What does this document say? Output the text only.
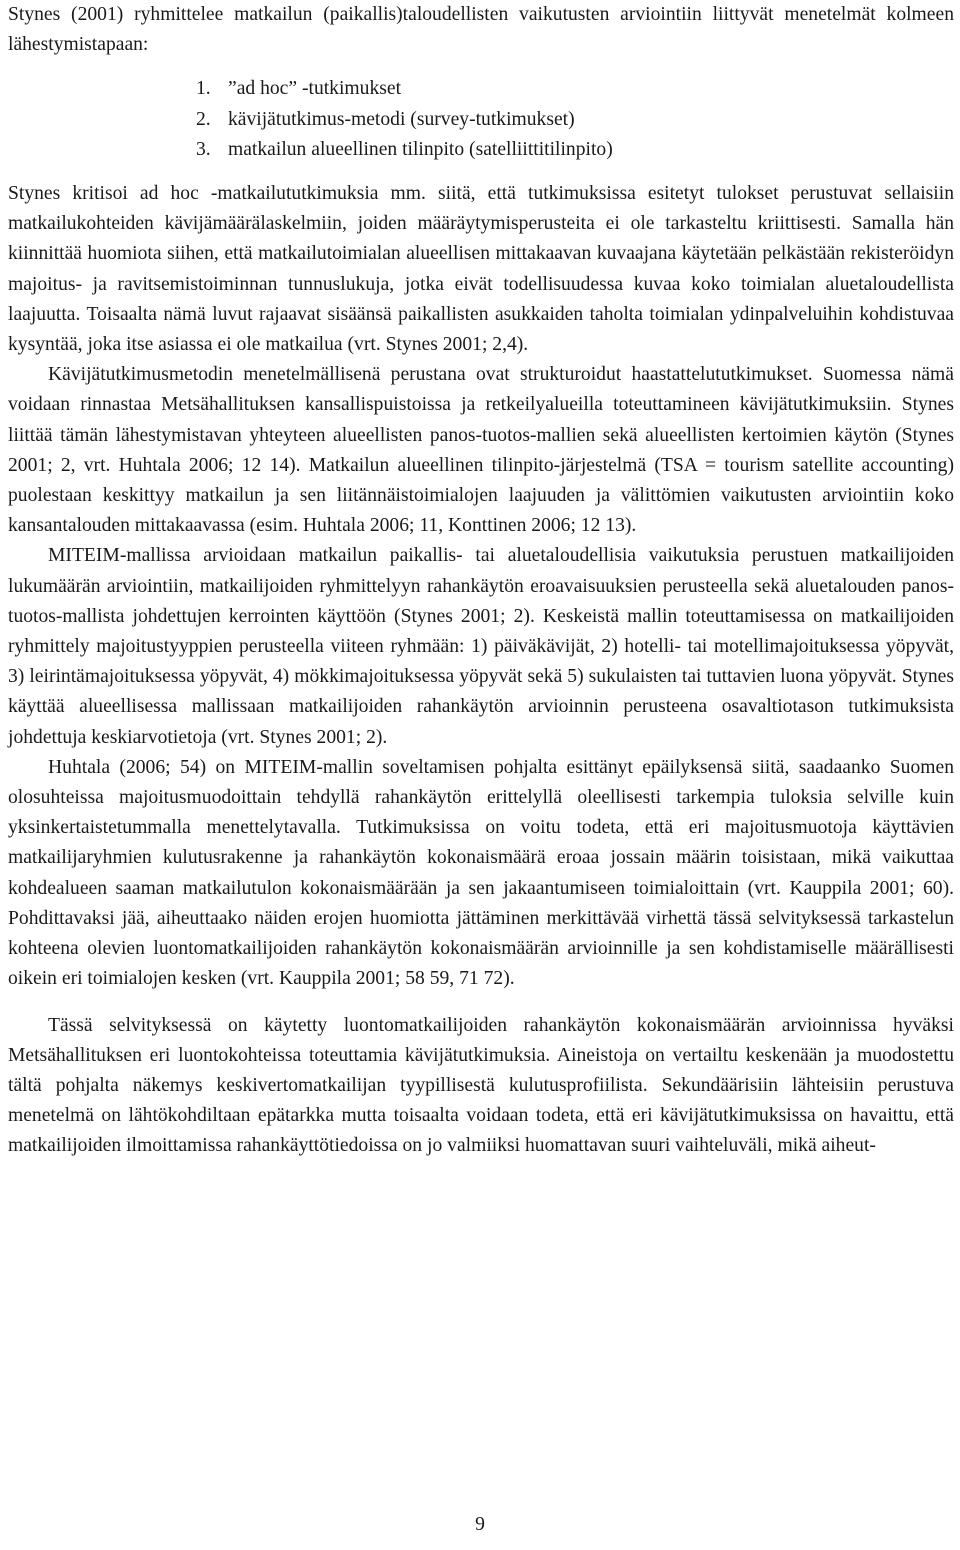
Stynes (2001) ryhmittelee matkailun (paikallis)taloudellisten vaikutusten arviointiin liittyvät menetelmät kolmeen lähestymistapaan:

1. ”ad hoc” -tutkimukset
2. kävijätutkimus-metodi (survey-tutkimukset)
3. matkailun alueellinen tilinpito (satelliittitilinpito)

Stynes kritisoi ad hoc -matkailututkimuksia mm. siitä, että tutkimuksissa esitetyt tulokset perustuvat sellaisiin matkailukohteiden kävijämäärälaskelmiin, joiden määräytymisperusteita ei ole tarkasteltu kriittisesti. Samalla hän kiinnittää huomiota siihen, että matkailutoimialan alueellisen mittakaavan kuvaajana käytetään pelkästään rekisteröidyn majoitus- ja ravitsemistoiminnan tunnuslukuja, jotka eivät todellisuudessa kuvaa koko toimialan aluetaloudellista laajuutta. Toisaalta nämä luvut rajaavat sisäänsä paikallisten asukkaiden taholta toimialan ydinpalveluihin kohdistuvaa kysyntää, joka itse asiassa ei ole matkailua (vrt. Stynes 2001; 2,4).

Kävijätutkimusmetodin menetelmällisenä perustana ovat strukturoidut haastattelututkimukset. Suomessa nämä voidaan rinnastaa Metsähallituksen kansallispuistoissa ja retkeilyalueilla toteuttamineen kävijätutkimuksiin. Stynes liittää tämän lähestymistavan yhteyteen alueellisten panos-tuotos-mallien sekä alueellisten kertoimien käytön (Stynes 2001; 2, vrt. Huhtala 2006; 12 14). Matkailun alueellinen tilinpito-järjestelmä (TSA = tourism satellite accounting) puolestaan keskittyy matkailun ja sen liitännäistoimialojen laajuuden ja välittömien vaikutusten arviointiin koko kansantalouden mittakaavassa (esim. Huhtala 2006; 11, Konttinen 2006; 12 13).

MITEIM-mallissa arvioidaan matkailun paikallis- tai aluetaloudellisia vaikutuksia perustuen matkailijoiden lukumäärän arviointiin, matkailijoiden ryhmittelyyn rahankäytön eroavaisuuksien perusteella sekä aluetalouden panos-tuotos-mallista johdettujen kerrointen käyttöön (Stynes 2001; 2). Keskeistä mallin toteuttamisessa on matkailijoiden ryhmittely majoitustyyppien perusteella viiteen ryhmään: 1) päiväkävijät, 2) hotelli- tai motellimajoituksessa yöpyvät, 3) leirintämajoituksessa yöpyvät, 4) mökkimajoituksessa yöpyvät sekä 5) sukulaisten tai tuttavien luona yöpyvät. Stynes käyttää alueellisessa mallissaan matkailijoiden rahankäytön arvioinnin perusteena osavaltiotason tutkimuksista johdettuja keskiarvotietoja (vrt. Stynes 2001; 2).

Huhtala (2006; 54) on MITEIM-mallin soveltamisen pohjalta esittänyt epäilyksensä siitä, saadaanko Suomen olosuhteissa majoitusmuodoittain tehdyllä rahankäytön erittelyllä oleellisesti tarkempia tuloksia selville kuin yksinkertaistetummalla menettelytavalla. Tutkimuksissa on voitu todeta, että eri majoitusmuotoja käyttävien matkailijaryhmien kulutusrakenne ja rahankäytön kokonaismäärä eroaa jossain määrin toisistaan, mikä vaikuttaa kohdealueen saaman matkailutulon kokonaismäärään ja sen jakaantumiseen toimialoittain (vrt. Kauppila 2001; 60). Pohdittavaksi jää, aiheuttaako näiden erojen huomiotta jättäminen merkittävää virhettä tässä selvityksessä tarkastelun kohteena olevien luontomatkailijoiden rahankäytön kokonaismäärän arvioinnille ja sen kohdistamiselle määrällisesti oikein eri toimialojen kesken (vrt. Kauppila 2001; 58 59, 71 72).

Tässä selvityksessä on käytetty luontomatkailijoiden rahankäytön kokonaismäärän arvioinnissa hyväksi Metsähallituksen eri luontokohteissa toteuttamia kävijätutkimuksia. Aineistoja on vertailtu keskenään ja muodostettu tältä pohjalta näkemys keskivertomatkailijan tyypillisestä kulutusprofiilista. Sekundäärisiin lähteisiin perustuva menetelmä on lähtökohdiltaan epätarkka mutta toisaalta voidaan todeta, että eri kävijätutkimuksissa on havaittu, että matkailijoiden ilmoittamissa rahankäyttötiedoissa on jo valmiiksi huomattavan suuri vaihteluväli, mikä aiheut-

9
